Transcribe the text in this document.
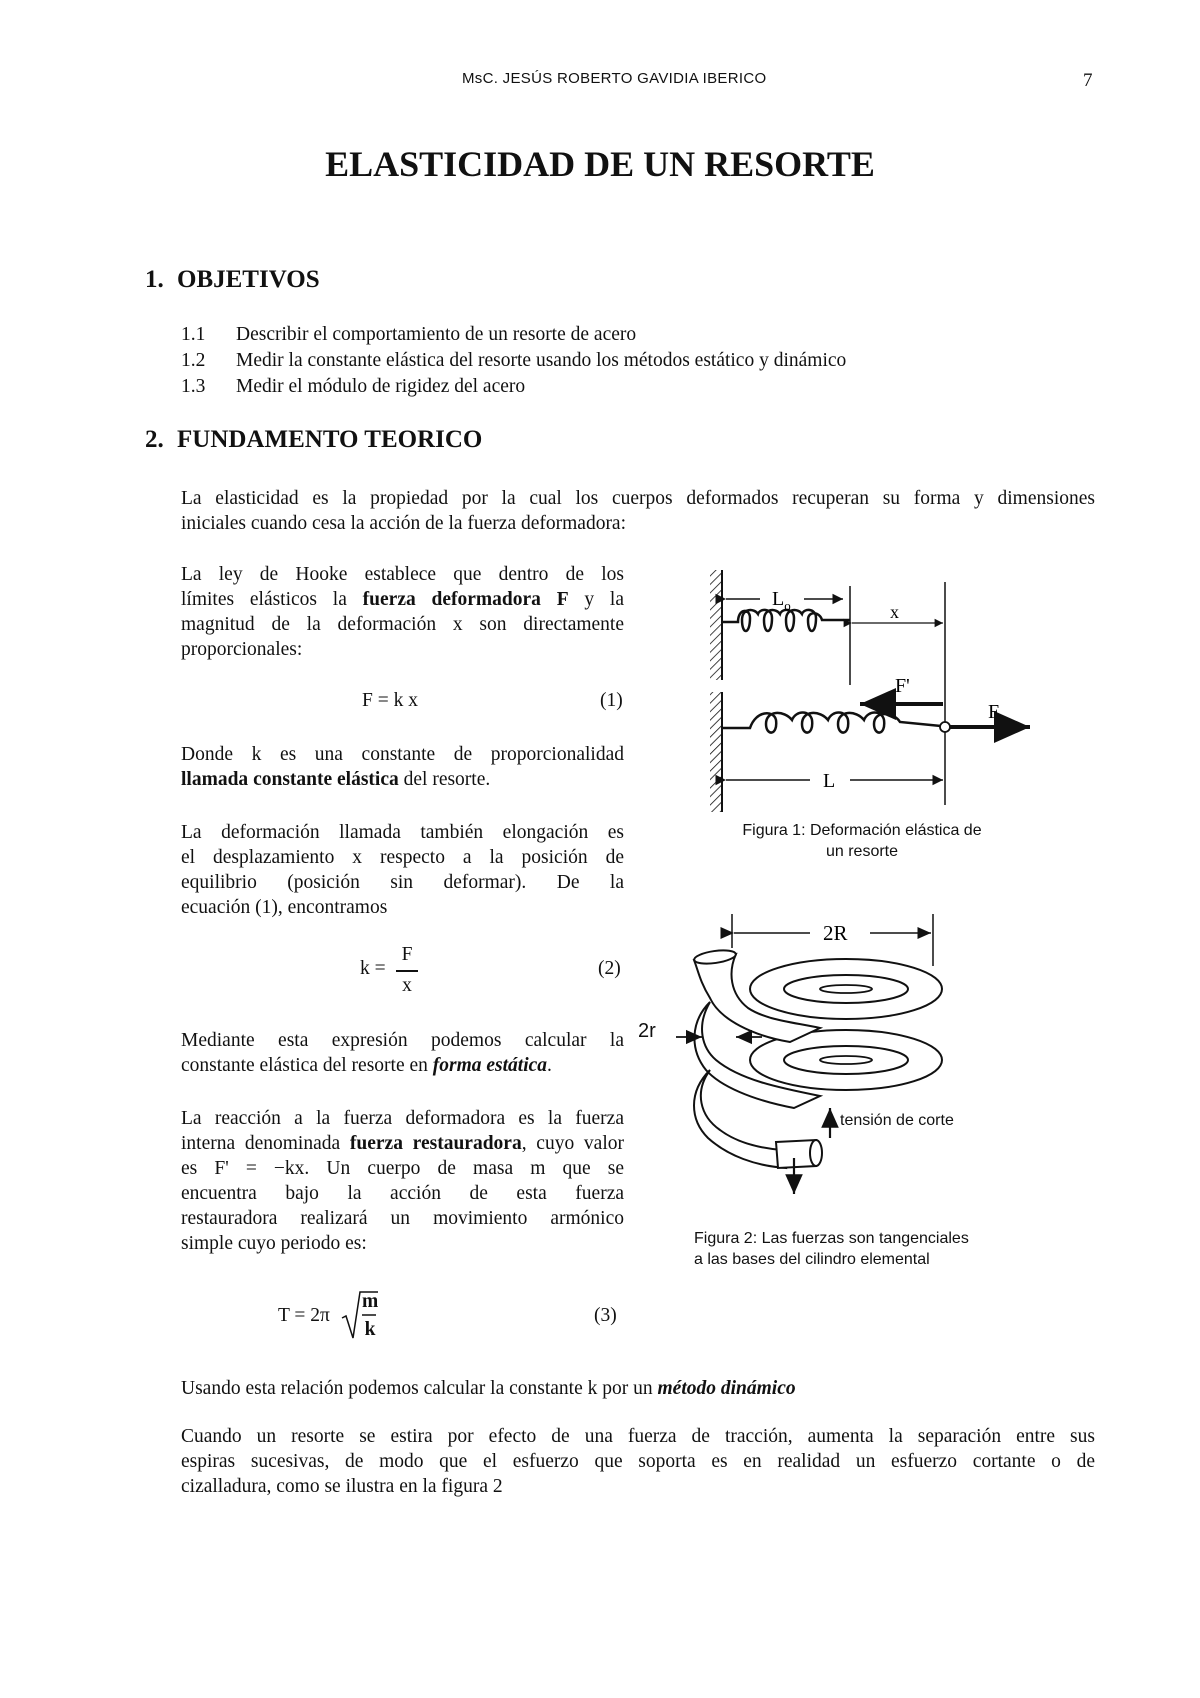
MsC. JESÚS ROBERTO GAVIDIA IBERICO	7
ELASTICIDAD DE UN RESORTE
1. OBJETIVOS
1.1 Describir el comportamiento de un resorte de acero
1.2 Medir la constante elástica del resorte usando los métodos estático y dinámico
1.3 Medir el módulo de rigidez del acero
2. FUNDAMENTO TEORICO
La elasticidad es la propiedad por la cual los cuerpos deformados recuperan su forma y dimensiones
iniciales cuando cesa la acción de la fuerza deformadora:
La ley de Hooke establece que dentro de los
límites elásticos la fuerza deformadora F y la
magnitud de la deformación x son directamente
proporcionales:
F = k x	(1)
Donde k es una constante de proporcionalidad
llamada constante elástica del resorte.
La deformación llamada también elongación es
el desplazamiento x respecto a la posición de
equilibrio (posición sin deformar). De la
ecuación (1), encontramos
k =
F
x
(2)
Mediante esta expresión podemos calcular la
constante elástica del resorte en forma estática.
La reacción a la fuerza deformadora es la fuerza
interna denominada fuerza restauradora, cuyo valor
es F' = −kx. Un cuerpo de masa m que se
encuentra bajo la acción de esta fuerza
restauradora realizará un movimiento armónico
simple cuyo periodo es:
T = 2π
m
k
(3)
Usando esta relación podemos calcular la constante k por un método dinámico
Cuando un resorte se estira por efecto de una fuerza de tracción, aumenta la separación entre sus
espiras sucesivas, de modo que el esfuerzo que soporta es en realidad un esfuerzo cortante o de
cizalladura, como se ilustra en la figura 2
$L_o$	x
F'
F
L
Figura 1: Deformación elástica de
un resorte
2R
2r
tensión de corte
Figura 2: Las fuerzas son tangenciales
a las bases del cilindro elemental
